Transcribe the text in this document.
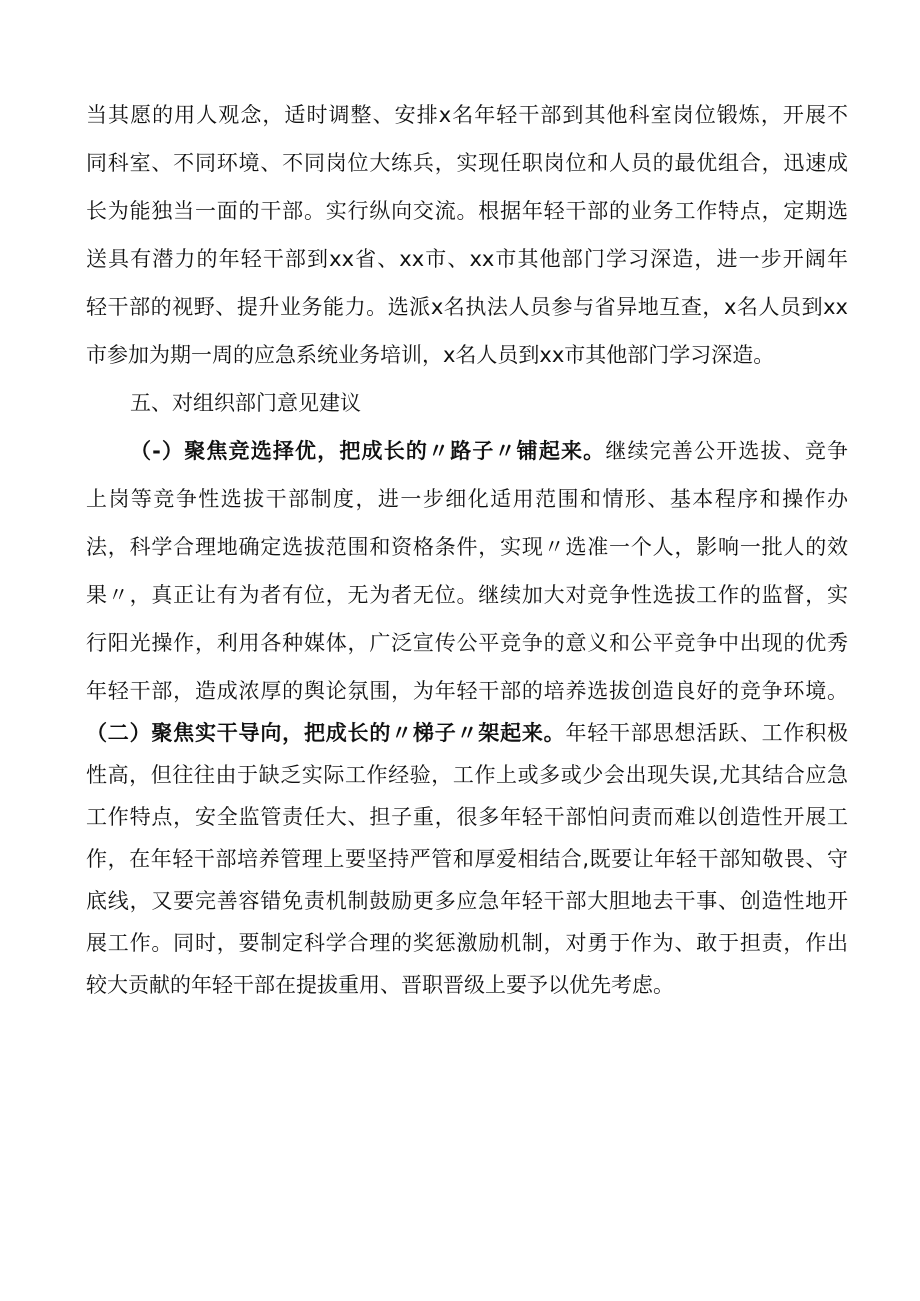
当其愿的用人观念，适时调整、安排x名年轻干部到其他科室岗位锻炼，开展不
同科室、不同环境、不同岗位大练兵，实现任职岗位和人员的最优组合，迅速成
长为能独当一面的干部。实行纵向交流。根据年轻干部的业务工作特点，定期选
送具有潜力的年轻干部到xx省、xx市、xx市其他部门学习深造，进一步开阔年
轻干部的视野、提升业务能力。选派x名执法人员参与省异地互查，x名人员到xx
市参加为期一周的应急系统业务培训，x名人员到xx市其他部门学习深造。
五、对组织部门意见建议
（-）聚焦竞选择优，把成长的〃路子〃铺起来。继续完善公开选拔、竞争
上岗等竞争性选拔干部制度，进一步细化适用范围和情形、基本程序和操作办
法，科学合理地确定选拔范围和资格条件，实现〃选准一个人，影响一批人的效
果〃，真正让有为者有位，无为者无位。继续加大对竞争性选拔工作的监督，实
行阳光操作，利用各种媒体，广泛宣传公平竞争的意义和公平竞争中出现的优秀
年轻干部，造成浓厚的舆论氛围，为年轻干部的培养选拔创造良好的竞争环境。
（二）聚焦实干导向，把成长的〃梯子〃架起来。年轻干部思想活跃、工作积极
性高，但往往由于缺乏实际工作经验，工作上或多或少会出现失误,尤其结合应急
工作特点，安全监管责任大、担子重，很多年轻干部怕问责而难以创造性开展工
作，在年轻干部培养管理上要坚持严管和厚爱相结合,既要让年轻干部知敬畏、守
底线，又要完善容错免责机制鼓励更多应急年轻干部大胆地去干事、创造性地开
展工作。同时，要制定科学合理的奖惩激励机制，对勇于作为、敢于担责，作出
较大贡献的年轻干部在提拔重用、晋职晋级上要予以优先考虑。
